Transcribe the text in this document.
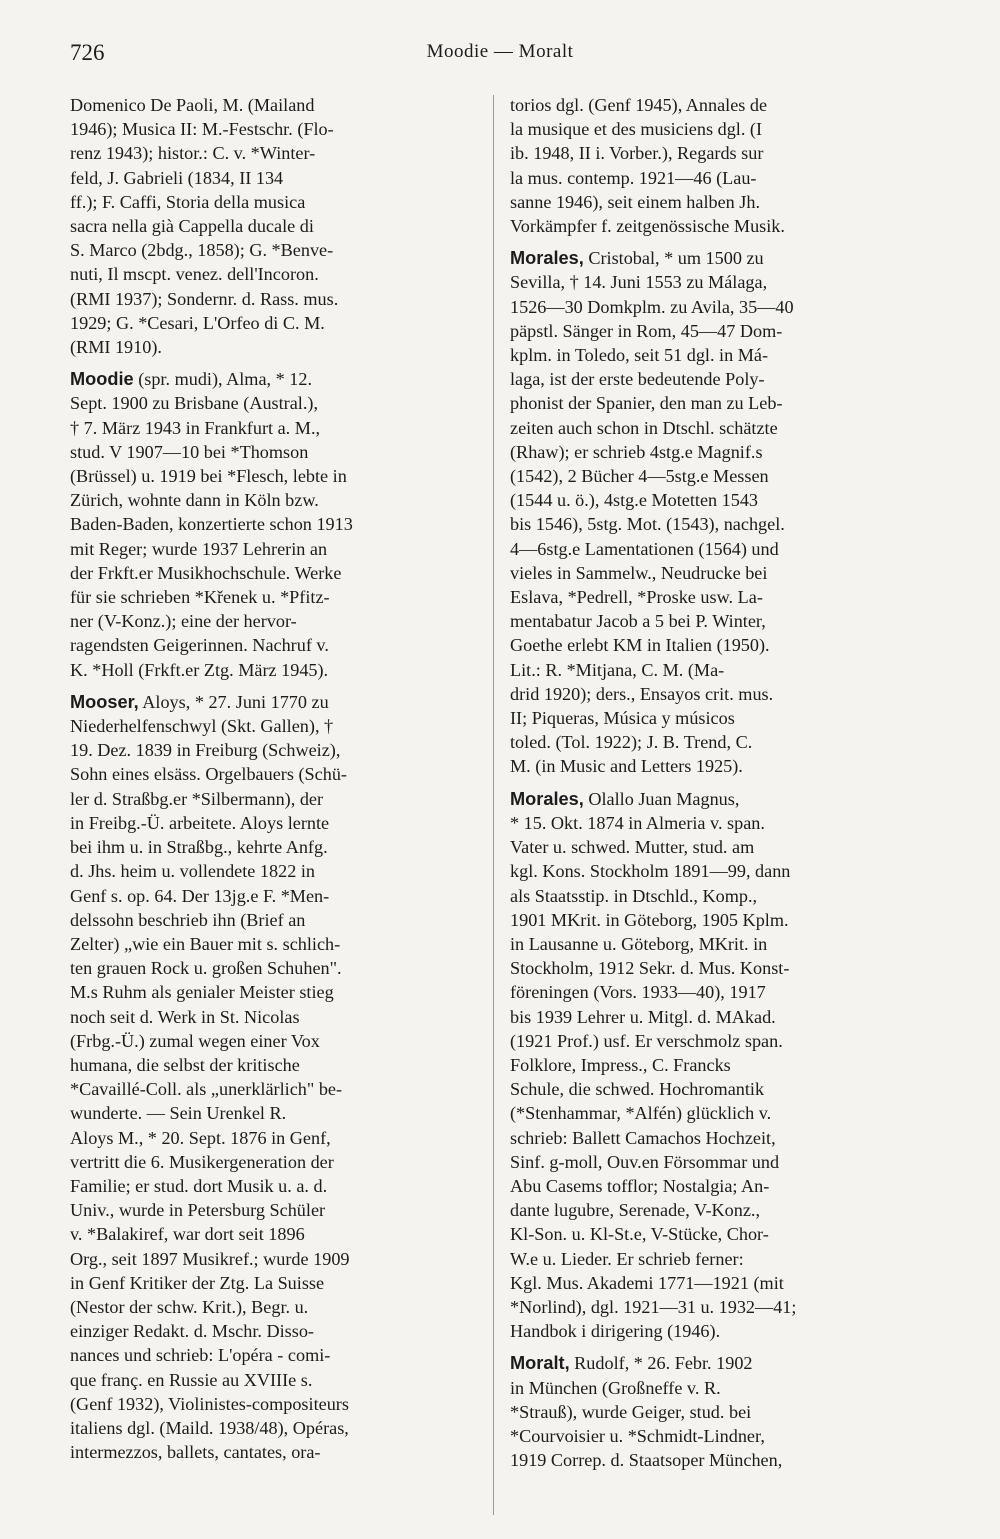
726	Moodie — Moralt

Domenico De Paoli, M. (Mailand
1946); Musica II: M.-Festschr. (Flo-
renz 1943); histor.: C. v. *Winter-
feld, J. Gabrieli (1834, II 134
ff.); F. Caffi, Storia della musica
sacra nella già Cappella ducale di
S. Marco (2bdg., 1858); G. *Benve-
nuti, Il mscpt. venez. dell'Incoron.
(RMI 1937); Sondernr. d. Rass. mus.
1929; G. *Cesari, L'Orfeo di C. M.
(RMI 1910).

Moodie (spr. mudi), Alma, * 12.
Sept. 1900 zu Brisbane (Austral.),
† 7. März 1943 in Frankfurt a. M.,
stud. V 1907—10 bei *Thomson
(Brüssel) u. 1919 bei *Flesch, lebte in
Zürich, wohnte dann in Köln bzw.
Baden-Baden, konzertierte schon 1913
mit Reger; wurde 1937 Lehrerin an
der Frkft.er Musikhochschule. Werke
für sie schrieben *Křenek u. *Pfitz-
ner (V-Konz.); eine der hervor-
ragendsten Geigerinnen. Nachruf v.
K. *Holl (Frkft.er Ztg. März 1945).

Mooser, Aloys, * 27. Juni 1770 zu
Niederhelfenschwyl (Skt. Gallen), †
19. Dez. 1839 in Freiburg (Schweiz),
Sohn eines elsäss. Orgelbauers (Schü-
ler d. Straßbg.er *Silbermann), der
in Freibg.-Ü. arbeitete. Aloys lernte
bei ihm u. in Straßbg., kehrte Anfg.
d. Jhs. heim u. vollendete 1822 in
Genf s. op. 64. Der 13jg.e F. *Men-
delssohn beschrieb ihn (Brief an
Zelter) „wie ein Bauer mit s. schlich-
ten grauen Rock u. großen Schuhen".
M.s Ruhm als genialer Meister stieg
noch seit d. Werk in St. Nicolas
(Frbg.-Ü.) zumal wegen einer Vox
humana, die selbst der kritische
*Cavaillé-Coll. als „unerklärlich" be-
wunderte. — Sein Urenkel R.
Aloys M., * 20. Sept. 1876 in Genf,
vertritt die 6. Musikergeneration der
Familie; er stud. dort Musik u. a. d.
Univ., wurde in Petersburg Schüler
v. *Balakiref, war dort seit 1896
Org., seit 1897 Musikref.; wurde 1909
in Genf Kritiker der Ztg. La Suisse
(Nestor der schw. Krit.), Begr. u.
einziger Redakt. d. Mschr. Disso-
nances und schrieb: L'opéra - comi-
que franç. en Russie au XVIIIe s.
(Genf 1932), Violinistes-compositeurs
italiens dgl. (Maild. 1938/48), Opéras,
intermezzos, ballets, cantates, ora-

torios dgl. (Genf 1945), Annales de
la musique et des musiciens dgl. (I
ib. 1948, II i. Vorber.), Regards sur
la mus. contemp. 1921—46 (Lau-
sanne 1946), seit einem halben Jh.
Vorkämpfer f. zeitgenössische Musik.

Morales, Cristobal, * um 1500 zu
Sevilla, † 14. Juni 1553 zu Málaga,
1526—30 Domkplm. zu Avila, 35—40
päpstl. Sänger in Rom, 45—47 Dom-
kplm. in Toledo, seit 51 dgl. in Má-
laga, ist der erste bedeutende Poly-
phonist der Spanier, den man zu Leb-
zeiten auch schon in Dtschl. schätzte
(Rhaw); er schrieb 4stg.e Magnif.s
(1542), 2 Bücher 4—5stg.e Messen
(1544 u. ö.), 4stg.e Motetten 1543
bis 1546), 5stg. Mot. (1543), nachgel.
4—6stg.e Lamentationen (1564) und
vieles in Sammelw., Neudrucke bei
Eslava, *Pedrell, *Proske usw. La-
mentabatur Jacob a 5 bei P. Winter,
Goethe erlebt KM in Italien (1950).
Lit.: R. *Mitjana, C. M. (Ma-
drid 1920); ders., Ensayos crit. mus.
II; Piqueras, Música y músicos
toled. (Tol. 1922); J. B. Trend, C.
M. (in Music and Letters 1925).

Morales, Olallo Juan Magnus,
* 15. Okt. 1874 in Almeria v. span.
Vater u. schwed. Mutter, stud. am
kgl. Kons. Stockholm 1891—99, dann
als Staatsstip. in Dtschld., Komp.,
1901 MKrit. in Göteborg, 1905 Kplm.
in Lausanne u. Göteborg, MKrit. in
Stockholm, 1912 Sekr. d. Mus. Konst-
föreningen (Vors. 1933—40), 1917
bis 1939 Lehrer u. Mitgl. d. MAkad.
(1921 Prof.) usf. Er verschmolz span.
Folklore, Impress., C. Francks
Schule, die schwed. Hochromantik
(*Stenhammar, *Alfén) glücklich v.
schrieb: Ballett Camachos Hochzeit,
Sinf. g-moll, Ouv.en Försommar und
Abu Casems tofflor; Nostalgia; An-
dante lugubre, Serenade, V-Konz.,
Kl-Son. u. Kl-St.e, V-Stücke, Chor-
W.e u. Lieder. Er schrieb ferner:
Kgl. Mus. Akademi 1771—1921 (mit
*Norlind), dgl. 1921—31 u. 1932—41;
Handbok i dirigering (1946).

Moralt, Rudolf, * 26. Febr. 1902
in München (Großneffe v. R.
*Strauß), wurde Geiger, stud. bei
*Courvoisier u. *Schmidt-Lindner,
1919 Correp. d. Staatsoper München,
